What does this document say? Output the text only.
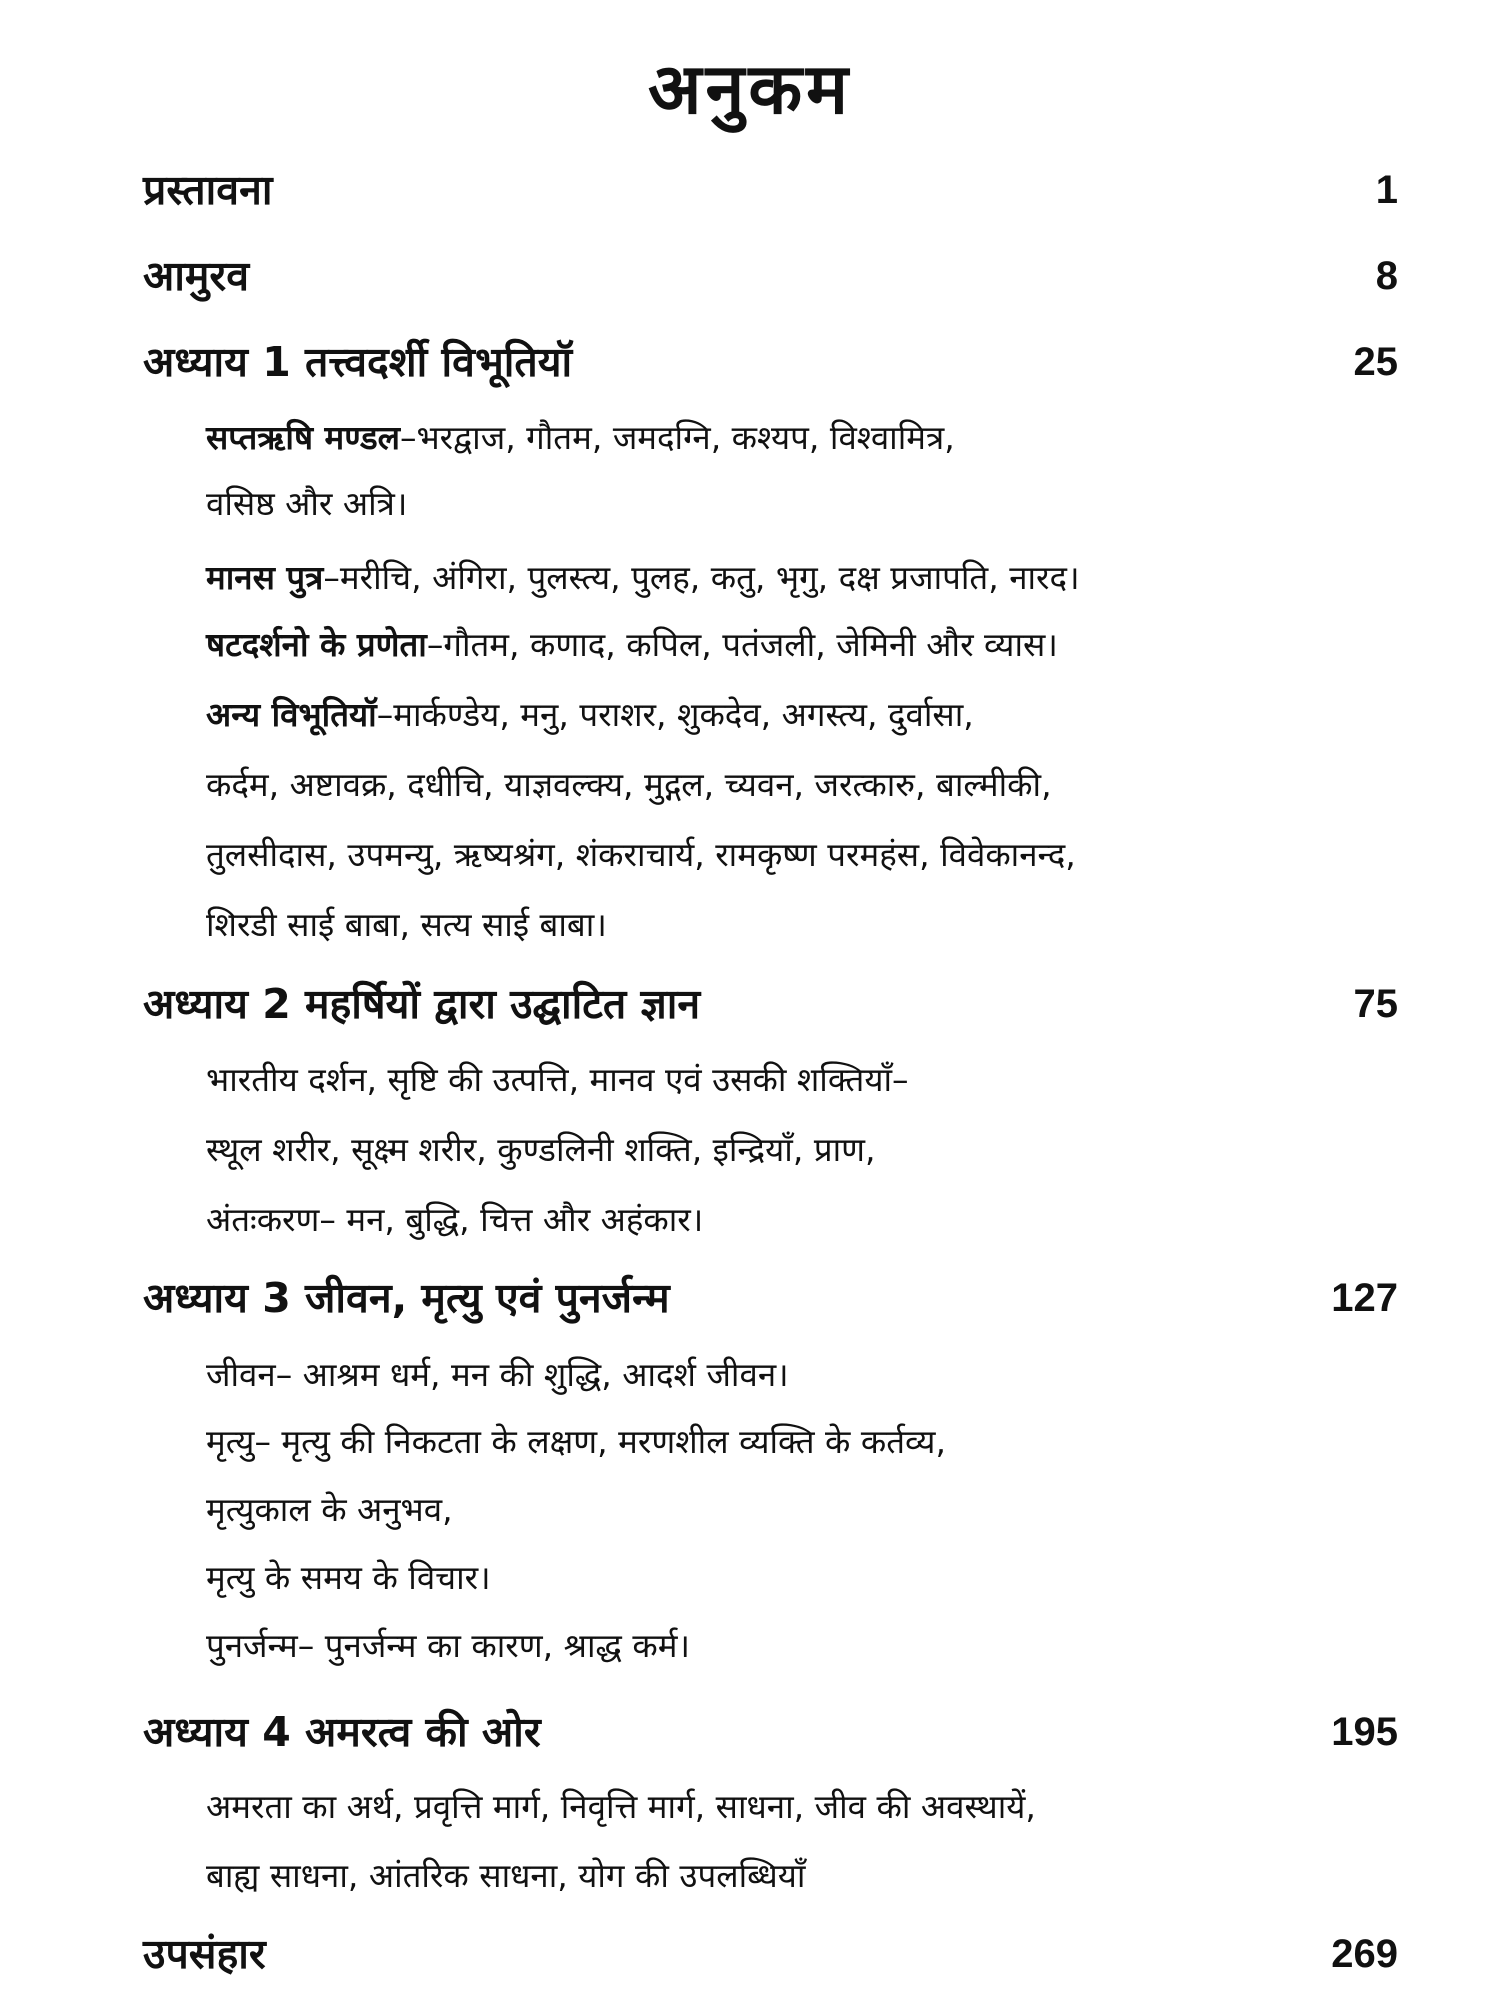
अनुकम
प्रस्तावना	1
आमुरव	8
अध्याय 1 तत्त्वदर्शी विभूतियॉ	25
सप्तऋषि मण्डल–भरद्वाज, गौतम, जमदग्नि, कश्यप, विश्वामित्र,
वसिष्ठ और अत्रि।
मानस पुत्र–मरीचि, अंगिरा, पुलस्त्य, पुलह, कतु, भृगु, दक्ष प्रजापति, नारद।
षटदर्शनो के प्रणेता–गौतम, कणाद, कपिल, पतंजली, जेमिनी और व्यास।
अन्य विभूतियॉ–मार्कण्डेय, मनु, पराशर, शुकदेव, अगस्त्य, दुर्वासा,
कर्दम, अष्टावक्र, दधीचि, याज्ञवल्क्य, मुद्गल, च्यवन, जरत्कारु, बाल्मीकी,
तुलसीदास, उपमन्यु, ऋष्यश्रंग, शंकराचार्य, रामकृष्ण परमहंस, विवेकानन्द,
शिरडी साई बाबा, सत्य साई बाबा।
अध्याय 2 महर्षियों द्वारा उद्घाटित ज्ञान	75
भारतीय दर्शन, सृष्टि की उत्पत्ति, मानव एवं उसकी शक्तियाँ–
स्थूल शरीर, सूक्ष्म शरीर, कुण्डलिनी शक्ति, इन्द्रियाँ, प्राण,
अंतःकरण– मन, बुद्धि, चित्त और अहंकार।
अध्याय 3 जीवन, मृत्यु एवं पुनर्जन्म	127
जीवन– आश्रम धर्म, मन की शुद्धि, आदर्श जीवन।
मृत्यु– मृत्यु की निकटता के लक्षण, मरणशील व्यक्ति के कर्तव्य,
मृत्युकाल के अनुभव,
मृत्यु के समय के विचार।
पुनर्जन्म– पुनर्जन्म का कारण, श्राद्ध कर्म।
अध्याय 4 अमरत्व की ओर	195
अमरता का अर्थ, प्रवृत्ति मार्ग, निवृत्ति मार्ग, साधना, जीव की अवस्थायें,
बाह्य साधना, आंतरिक साधना, योग की उपलब्धियाँ
उपसंहार	269
